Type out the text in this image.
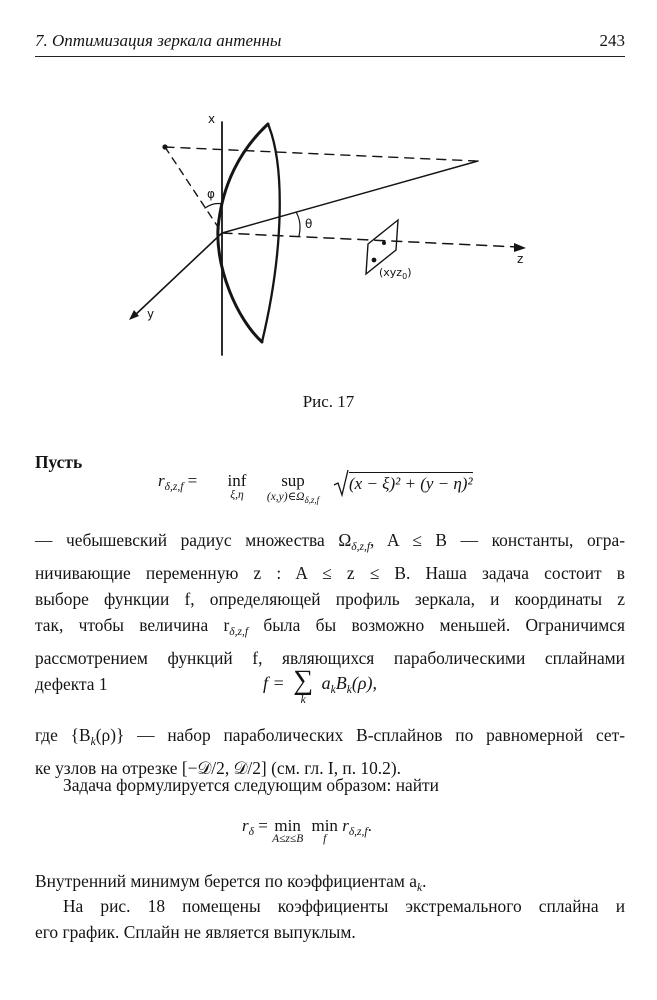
7. Оптимизация зеркала антенны	243
x
y
z
φ
θ
(xyz$_0$)
Рис. 17
Пусть
$r_{\delta,z,f}$ =	inf
ξ,η
sup
$(x,y)\in\Omega_{\delta,z,f}$
(x − ξ)² + (y − η)²
— чебышевский радиус множества $\Omega_{\delta,z,f}$, A ≤ B — константы, огра-
ничивающие переменную z : A ≤ z ≤ B. Наша задача состоит в
выборе функции f, определяющей профиль зеркала, и координаты z
так, чтобы величина $r_{\delta,z,f}$ была бы возможно меньшей. Ограничимся
рассмотрением функций f, являющихся параболическими сплайнами
дефекта 1	f = ∑
k
$a_kB_k(\rho)$,
где $\{B_k(\rho)\}$ — набор параболических B-сплайнов по равномерной сет-
ке узлов на отрезке [−𝒟/2, 𝒟/2] (см. гл. I, п. 10.2).
Задача формулируется следующим образом: найти
$r_\delta = \min$
A≤z≤B

min
f
$r_{\delta,z,f}$.
Внутренний минимум берется по коэффициентам $a_k$.
На рис. 18 помещены коэффициенты экстремального сплайна и
его график. Сплайн не является выпуклым.
